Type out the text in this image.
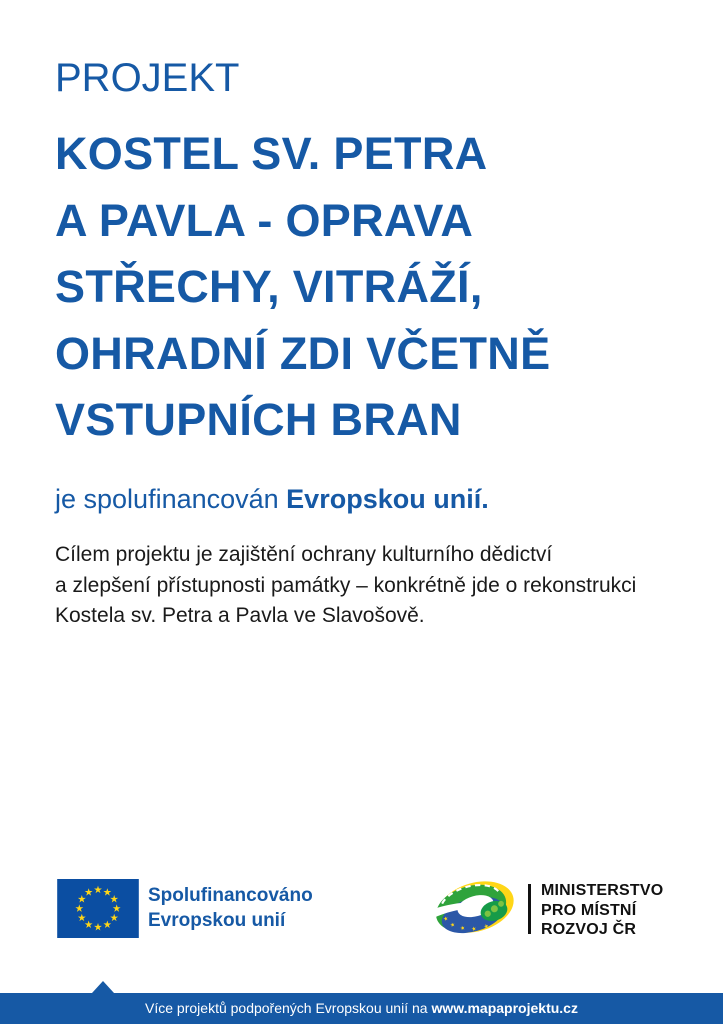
PROJEKT
KOSTEL SV. PETRA
A PAVLA - OPRAVA
STŘECHY, VITRÁŽÍ,
OHRADNÍ ZDI VČETNĚ
VSTUPNÍCH BRAN

je spolufinancován Evropskou unií.

Cílem projektu je zajištění ochrany kulturního dědictví
a zlepšení přístupnosti památky – konkrétně jde o rekonstrukci
Kostela sv. Petra a Pavla ve Slavošově.

Spolufinancováno
Evropskou unií
MINISTERSTVO
PRO MÍSTNÍ
ROZVOJ ČR
Více projektů podpořených Evropskou unií na www.mapaprojektu.cz
